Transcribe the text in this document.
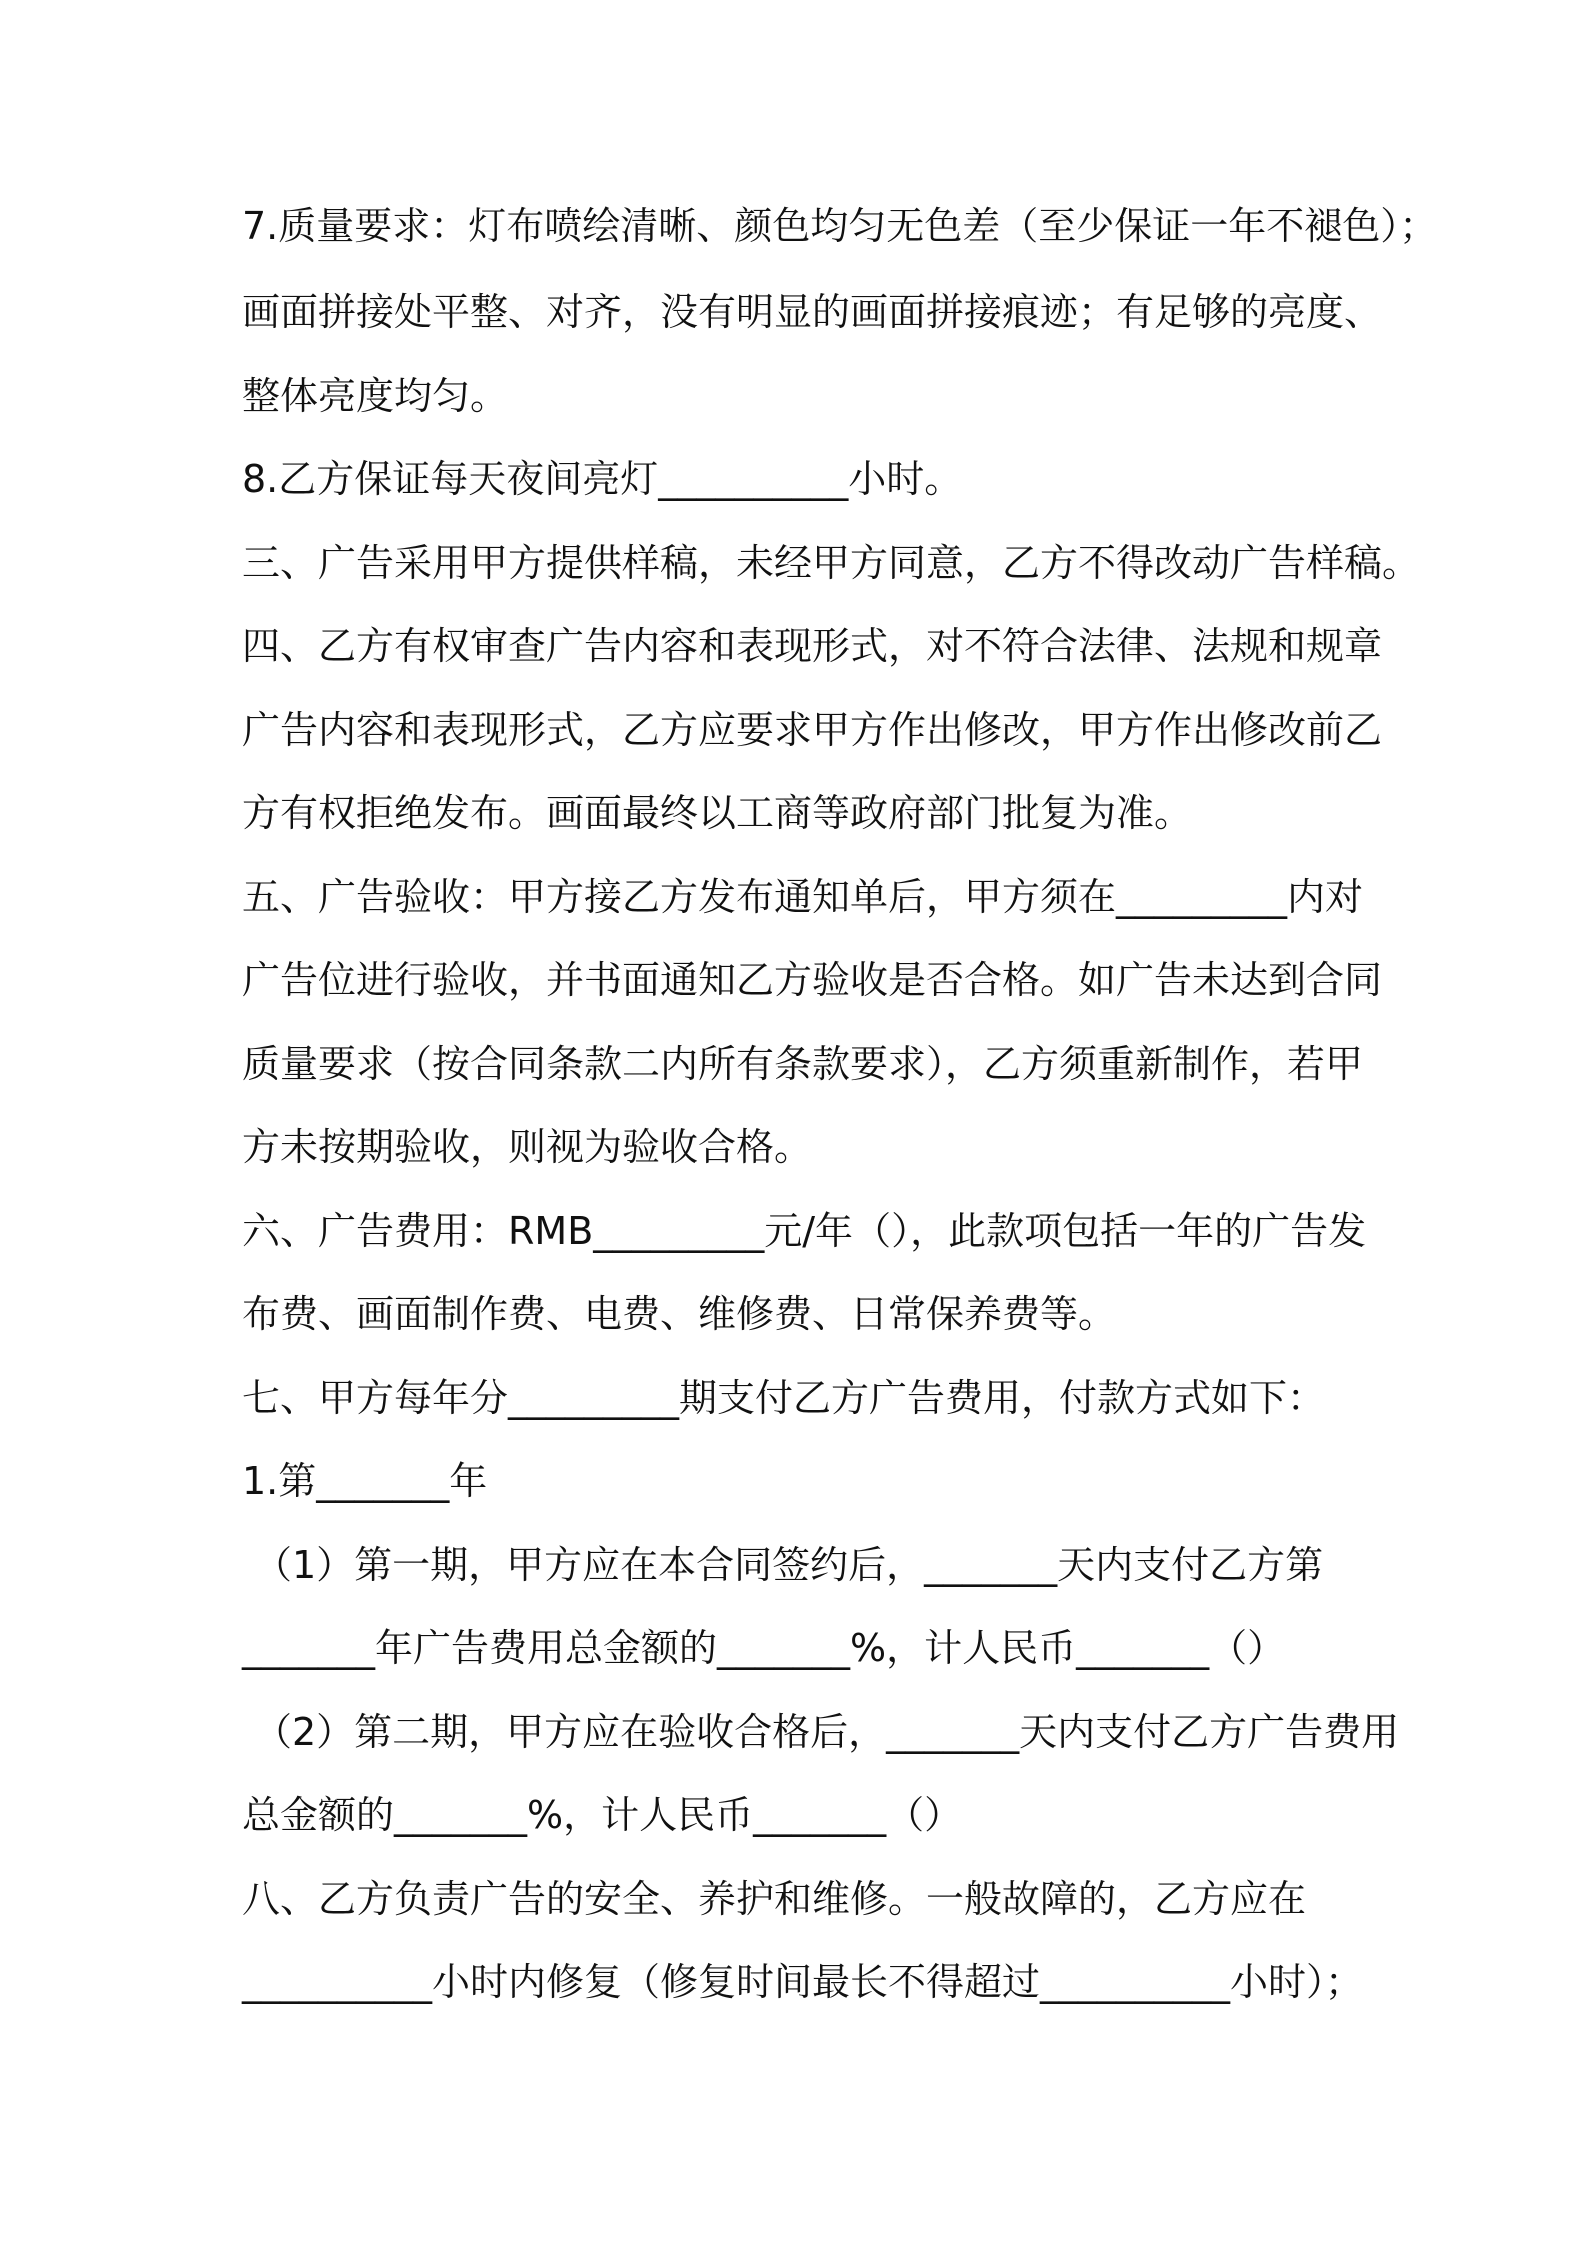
7.质量要求：灯布喷绘清晰、颜色均匀无色差（至少保证一年不褪色）；
画面拼接处平整、对齐，没有明显的画面拼接痕迹；有足够的亮度、
整体亮度均匀。
8.乙方保证每天夜间亮灯__________小时。
三、广告采用甲方提供样稿，未经甲方同意，乙方不得改动广告样稿。
四、乙方有权审查广告内容和表现形式，对不符合法律、法规和规章
广告内容和表现形式，乙方应要求甲方作出修改，甲方作出修改前乙
方有权拒绝发布。画面最终以工商等政府部门批复为准。
五、广告验收：甲方接乙方发布通知单后，甲方须在_________内对
广告位进行验收，并书面通知乙方验收是否合格。如广告未达到合同
质量要求（按合同条款二内所有条款要求），乙方须重新制作，若甲
方未按期验收，则视为验收合格。
六、广告费用：RMB_________元/年（），此款项包括一年的广告发
布费、画面制作费、电费、维修费、日常保养费等。
七、甲方每年分_________期支付乙方广告费用，付款方式如下：
1.第_______年
（1）第一期，甲方应在本合同签约后，_______天内支付乙方第
_______年广告费用总金额的_______%，计人民币_______（）
（2）第二期，甲方应在验收合格后，_______天内支付乙方广告费用
总金额的_______%，计人民币_______（）
八、乙方负责广告的安全、养护和维修。一般故障的，乙方应在
__________小时内修复（修复时间最长不得超过__________小时）；
